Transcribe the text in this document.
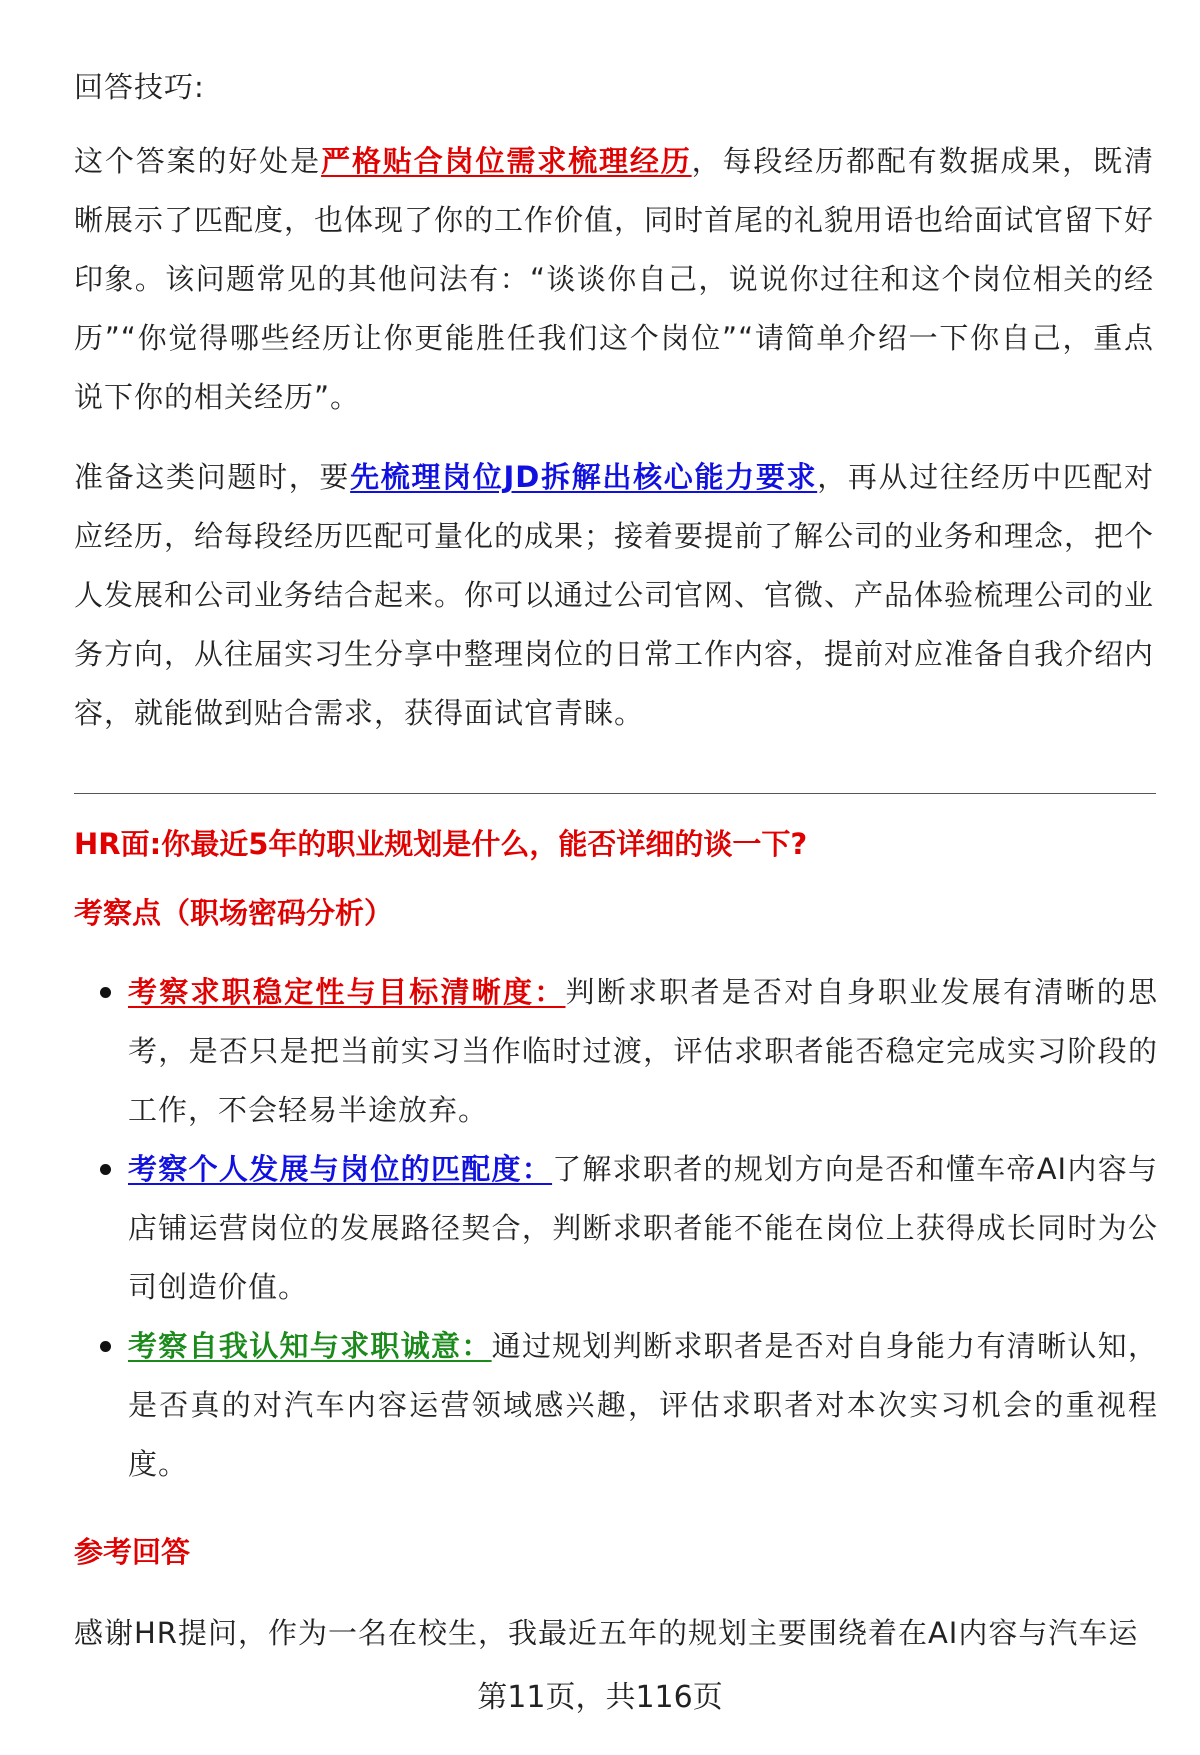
回答技巧:

这个答案的好处是严格贴合岗位需求梳理经历，每段经历都配有数据成果，既清晰展示了匹配度，也体现了你的工作价值，同时首尾的礼貌用语也给面试官留下好印象。该问题常见的其他问法有：“谈谈你自己，说说你过往和这个岗位相关的经历”“你觉得哪些经历让你更能胜任我们这个岗位”“请简单介绍一下你自己，重点说下你的相关经历”。

准备这类问题时，要先梳理岗位JD拆解出核心能力要求，再从过往经历中匹配对应经历，给每段经历匹配可量化的成果；接着要提前了解公司的业务和理念，把个人发展和公司业务结合起来。你可以通过公司官网、官微、产品体验梳理公司的业务方向，从往届实习生分享中整理岗位的日常工作内容，提前对应准备自我介绍内容，就能做到贴合需求，获得面试官青睐。

HR面:你最近5年的职业规划是什么，能否详细的谈一下?
考察点（职场密码分析）
考察求职稳定性与目标清晰度：判断求职者是否对自身职业发展有清晰的思考，是否只是把当前实习当作临时过渡，评估求职者能否稳定完成实习阶段的工作，不会轻易半途放弃。
考察个人发展与岗位的匹配度：了解求职者的规划方向是否和懂车帝AI内容与店铺运营岗位的发展路径契合，判断求职者能不能在岗位上获得成长同时为公司创造价值。
考察自我认知与求职诚意：通过规划判断求职者是否对自身能力有清晰认知，是否真的对汽车内容运营领域感兴趣，评估求职者对本次实习机会的重视程度。
参考回答

感谢HR提问，作为一名在校生，我最近五年的规划主要围绕着在AI内容与汽车运

第11页，共116页
